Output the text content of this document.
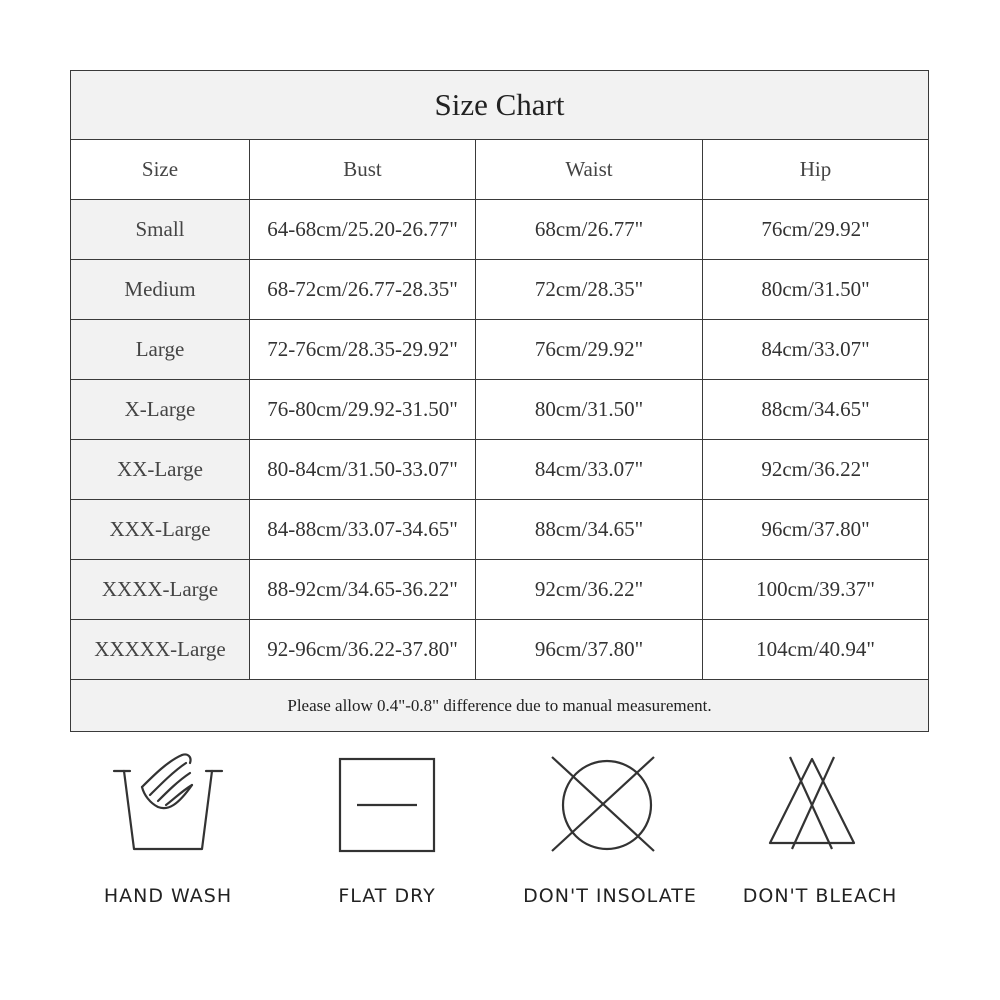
Size Chart			
Size	Bust	Waist	Hip
Small	64-68cm/25.20-26.77"	68cm/26.77"	76cm/29.92"
Medium	68-72cm/26.77-28.35"	72cm/28.35"	80cm/31.50"
Large	72-76cm/28.35-29.92"	76cm/29.92"	84cm/33.07"
X-Large	76-80cm/29.92-31.50"	80cm/31.50"	88cm/34.65"
XX-Large	80-84cm/31.50-33.07"	84cm/33.07"	92cm/36.22"
XXX-Large	84-88cm/33.07-34.65"	88cm/34.65"	96cm/37.80"
XXXX-Large	88-92cm/34.65-36.22"	92cm/36.22"	100cm/39.37"
XXXXX-Large	92-96cm/36.22-37.80"	96cm/37.80"	104cm/40.94"
Please allow 0.4"-0.8" difference due to manual measurement.			
HAND WASH	FLAT DRY	DON'T INSOLATE	DON'T BLEACH
